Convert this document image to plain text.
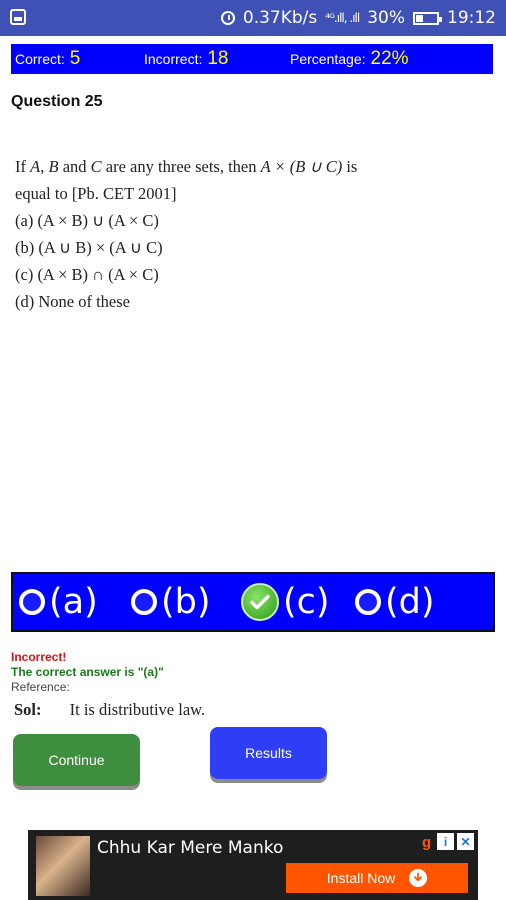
0.37Kb/s ⁴ᴳ.ıll, .ıll 30% 19:12
Correct: 5	Incorrect: 18	Percentage: 22%
Question 25
If A, B and C are any three sets, then A × (B ∪ C) is
equal to [Pb. CET 2001]
(a) (A × B) ∪ (A × C)
(b) (A ∪ B) × (A ∪ C)
(c) (A × B) ∩ (A × C)
(d) None of these
(a) (b) (c) (d)
Incorrect!
The correct answer is "(a)"
Reference:
Sol: It is distributive law.
Continue	Results
Chhu Kar Mere Manko	g	i	✕
Install Now
